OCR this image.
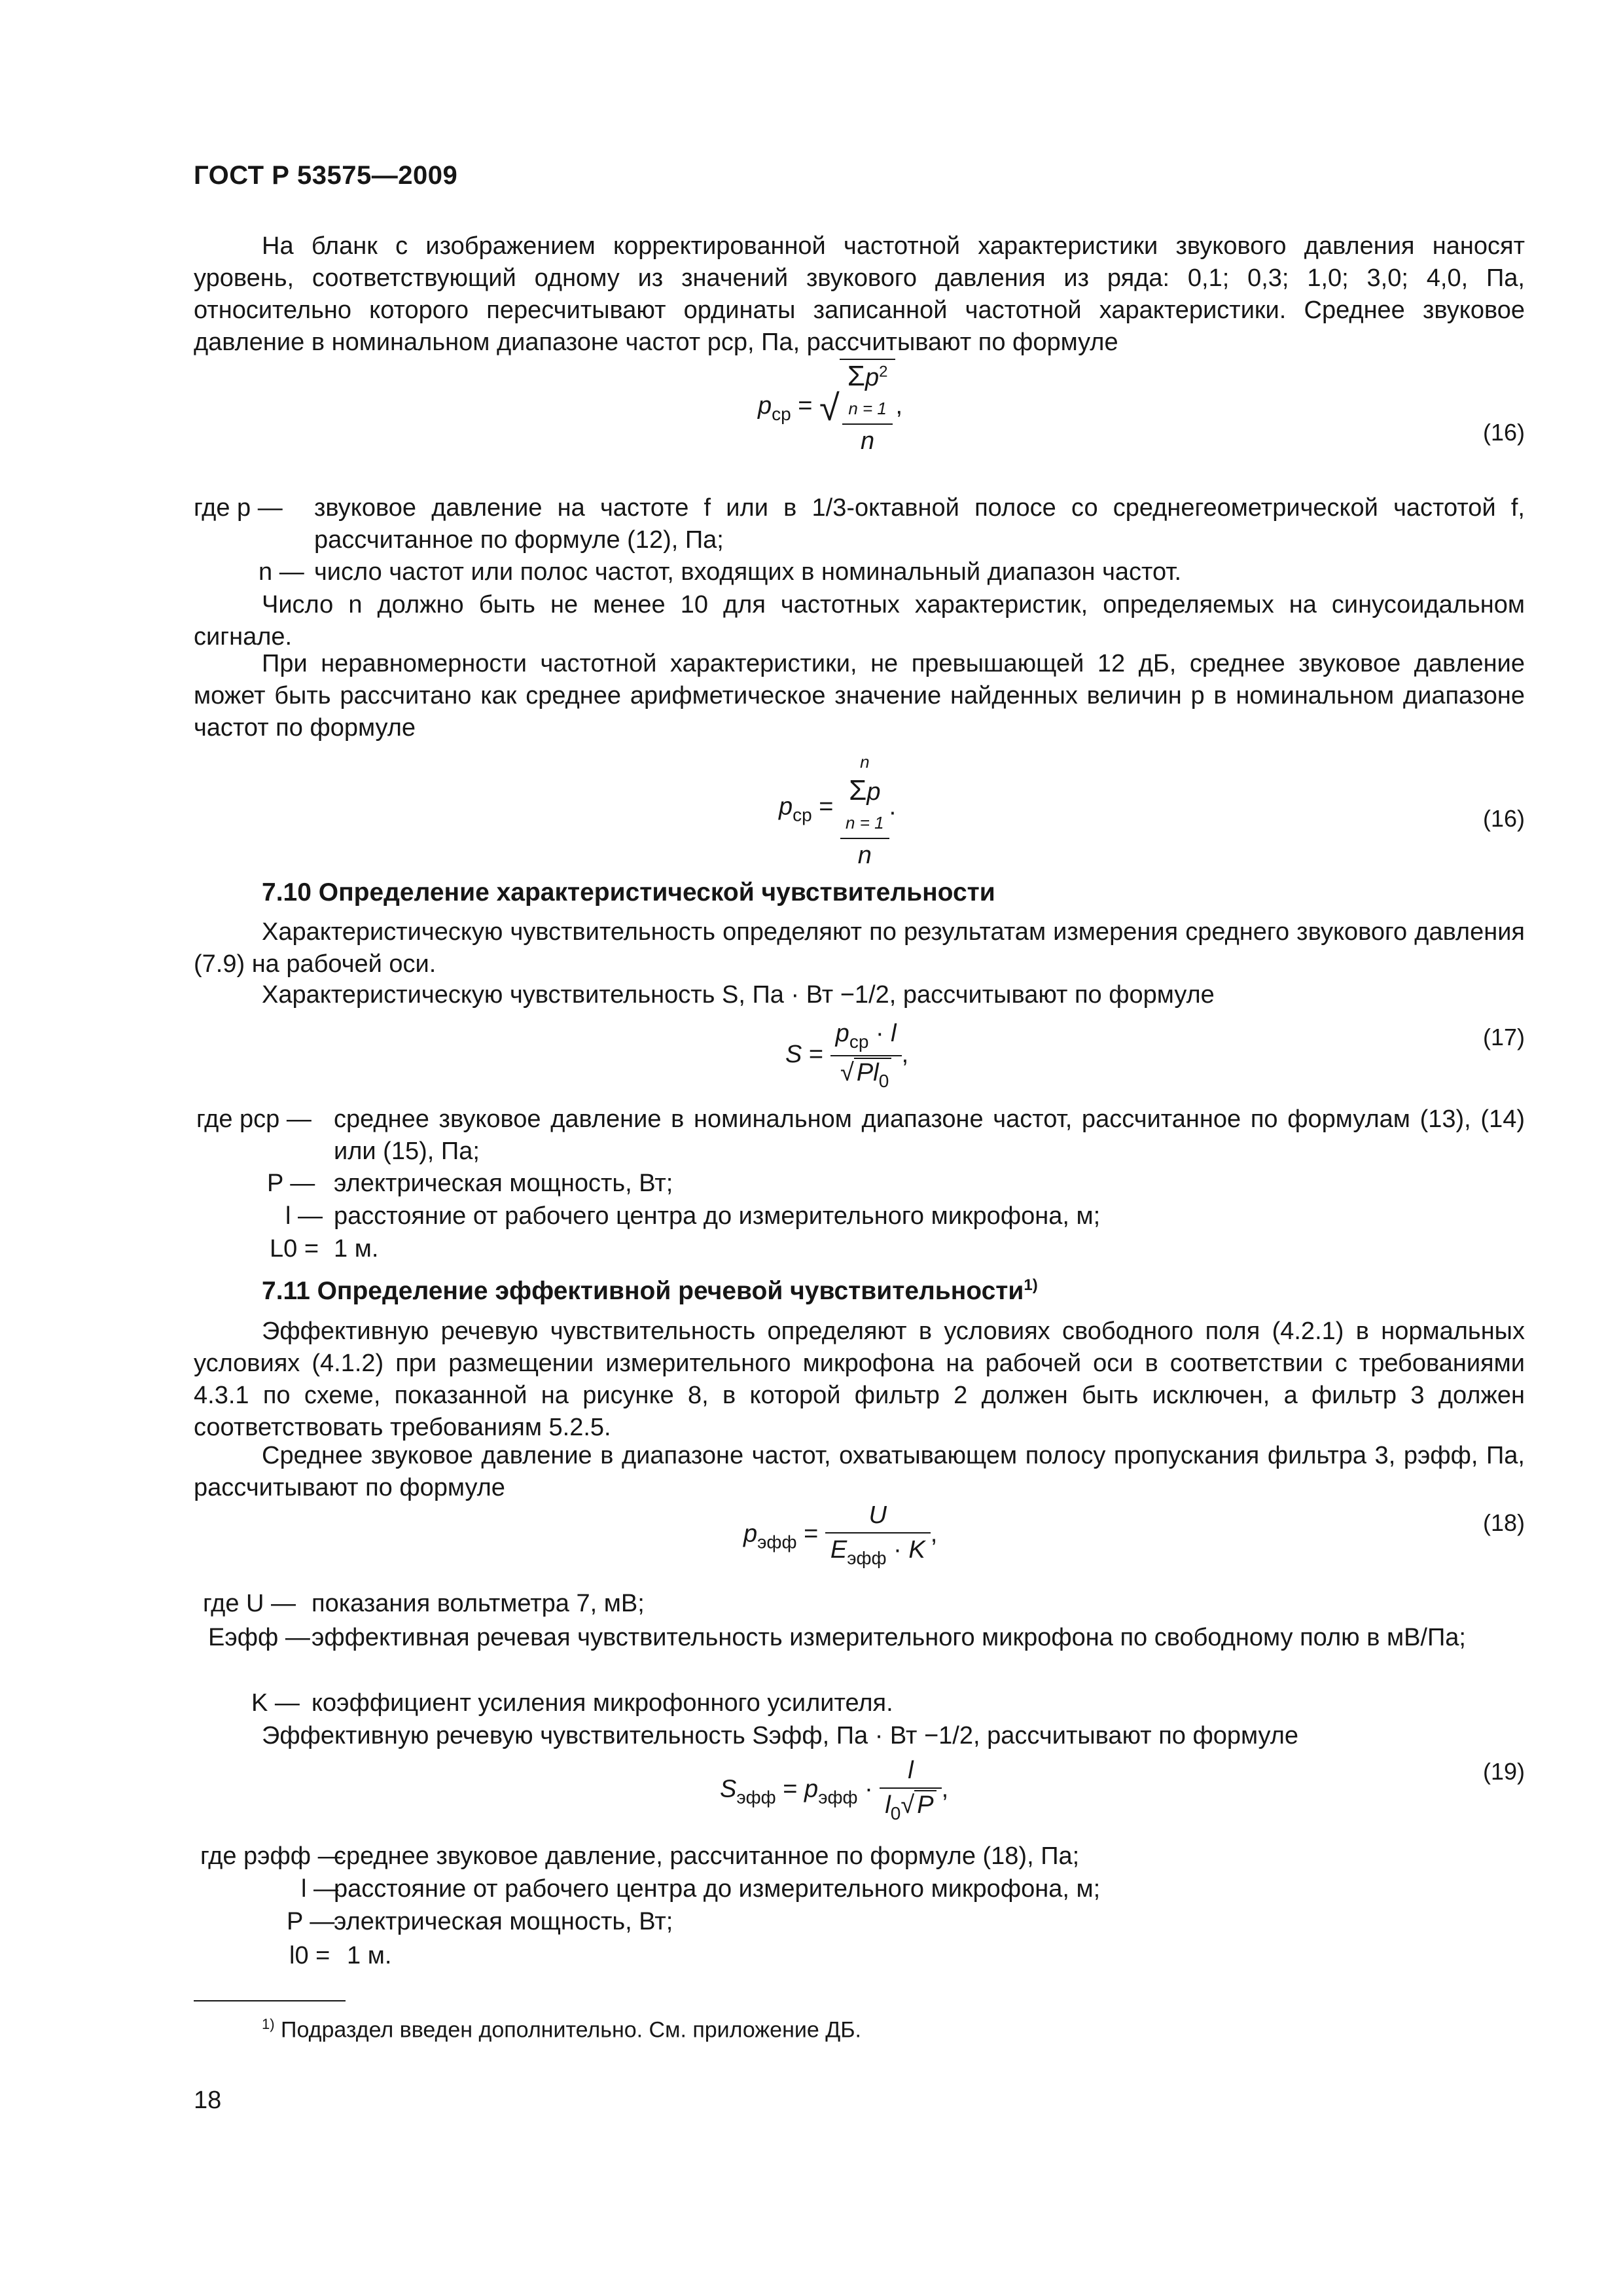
ГОСТ Р 53575—2009

На бланк с изображением корректированной частотной характеристики звукового давления наносят уровень, соответствующий одному из значений звукового давления из ряда: 0,1; 0,3; 1,0; 3,0; 4,0, Па, относительно которого пересчитывают ординаты записанной частотной характеристики. Среднее звуковое давление в номинальном диапазоне частот pср, Па, рассчитывают по формуле

$p_{ср}$ = √
$\Sigma p^2$
n = 1
n
,
(16)
где p — звуковое давление на частоте f или в 1/3-октавной полосе со среднегеометрической частотой f, рассчитанное по формуле (12), Па;
n — число частот или полос частот, входящих в номинальный диапазон частот.

Число n должно быть не менее 10 для частотных характеристик, определяемых на синусоидальном сигнале.

При неравномерности частотной характеристики, не превышающей 12 дБ, среднее звуковое давление может быть рассчитано как среднее арифметическое значение найденных величин p в номинальном диапазоне частот по формуле

$p_{ср}$ =
n
Σp
n = 1
n
.	(16)
7.10 Определение характеристической чувствительности

Характеристическую чувствительность определяют по результатам измерения среднего звукового давления (7.9) на рабочей оси.

Характеристическую чувствительность S, Па · Вт −1/2, рассчитывают по формуле

$S = \frac{p_{ср} \cdot l}{√ Pl_0}$ ,
(17)
где pср — среднее звуковое давление в номинальном диапазоне частот, рассчитанное по формулам (13), (14) или (15), Па;
P — электрическая мощность, Вт;
l — расстояние от рабочего центра до измерительного микрофона, м;
L0 = 1 м.
7.11 Определение эффективной речевой чувствительности$^{1)}$

Эффективную речевую чувствительность определяют в условиях свободного поля (4.2.1) в нормальных условиях (4.1.2) при размещении измерительного микрофона на рабочей оси в соответствии с требованиями 4.3.1 по схеме, показанной на рисунке 8, в которой фильтр 2 должен быть исключен, а фильтр 3 должен соответствовать требованиям 5.2.5.

Среднее звуковое давление в диапазоне частот, охватывающем полосу пропускания фильтра 3, pэфф, Па, рассчитывают по формуле

$p_{эфф} = \frac{U}{E_{эфф} \cdot K}$ ,	(18)
где U — показания вольтметра 7, мВ;
Eэфф — эффективная речевая чувствительность измерительного микрофона по свободному полю в мВ/Па;
K — коэффициент усиления микрофонного усилителя.

Эффективную речевую чувствительность Sэфф, Па · Вт −1/2, рассчитывают по формуле

$S_{эфф} = p_{эфф} \cdot \frac{l}{l_0√ P}$ ,
(19)
где pэфф —
среднее звуковое давление, рассчитанное по формуле (18), Па;
l —
расстояние от рабочего центра до измерительного микрофона, м;
P —
электрическая мощность, Вт;
l0 = 1 м.
$^{1)}$ Подраздел введен дополнительно. См. приложение ДБ.
18
